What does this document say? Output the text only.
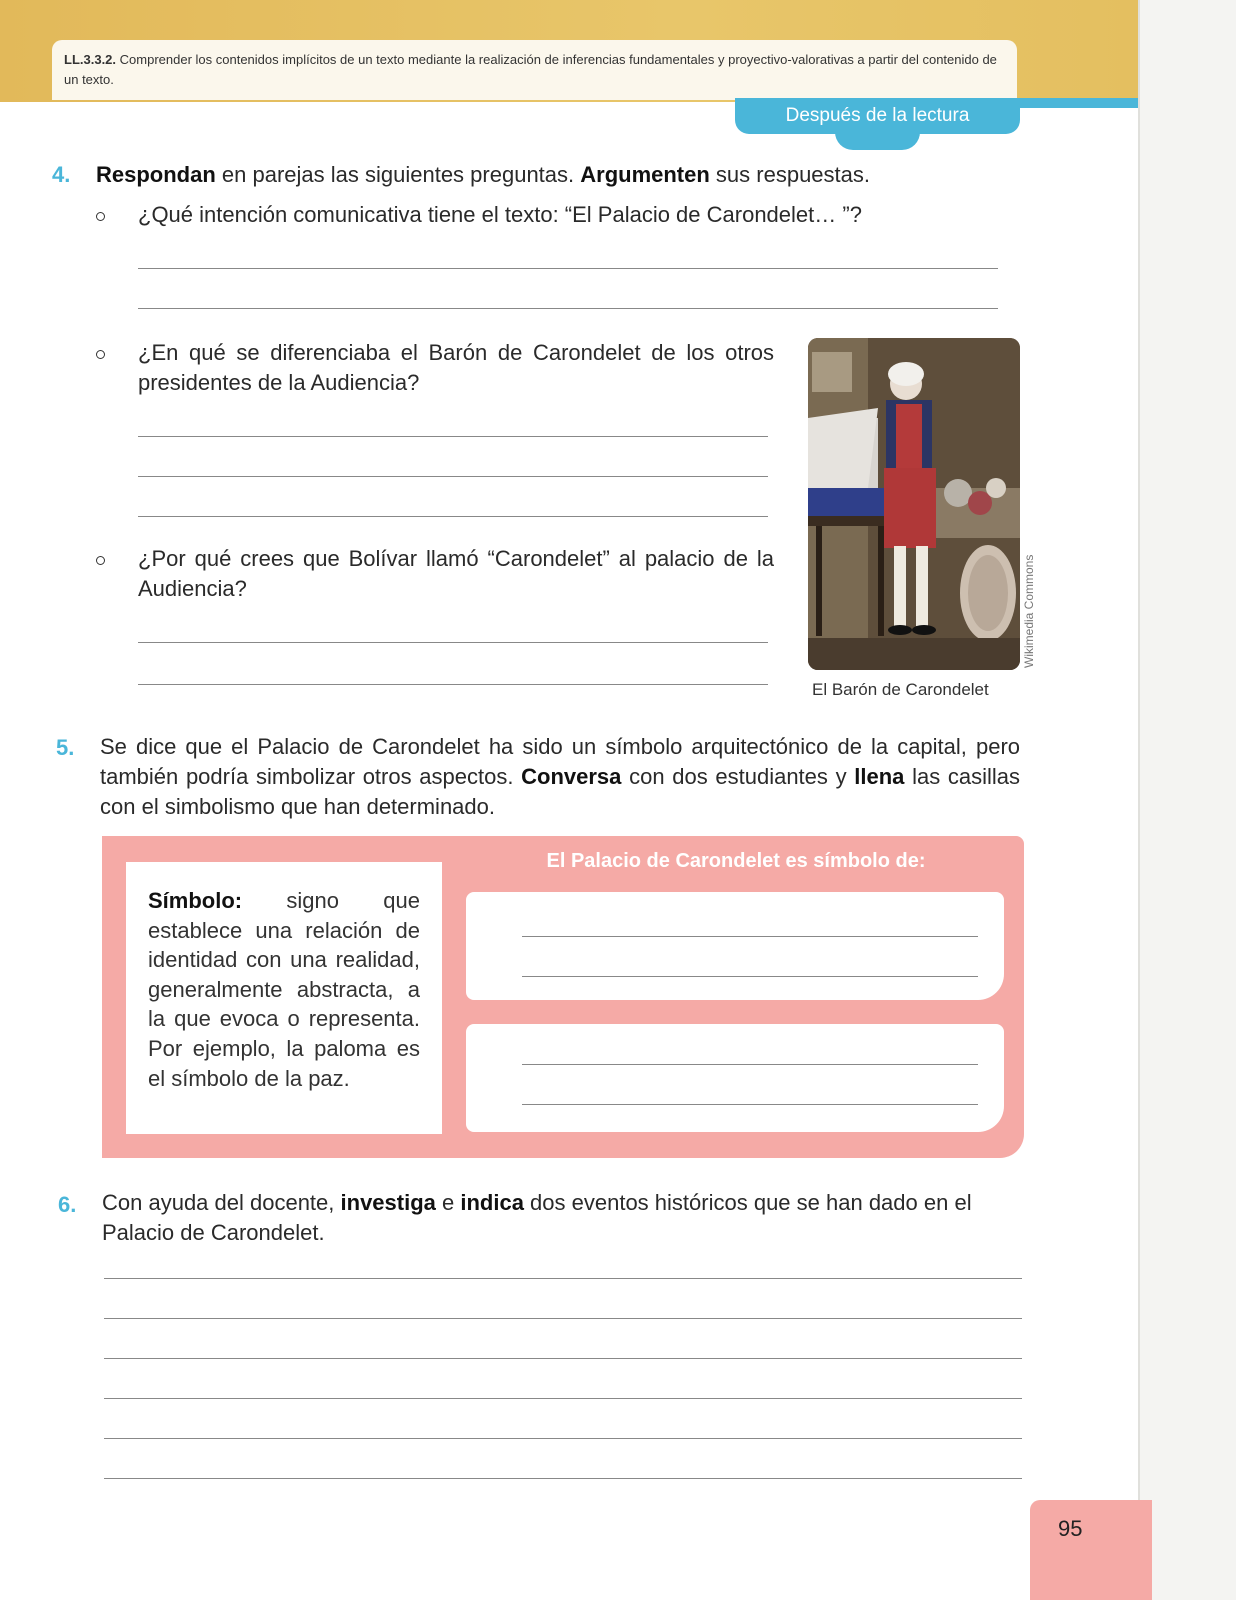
LL.3.3.2. Comprender los contenidos implícitos de un texto mediante la realización de inferencias fundamentales y proyectivo-valorativas a partir del contenido de un texto.
Después de la lectura
4. Respondan en parejas las siguientes preguntas. Argumenten sus respuestas.
¿Qué intención comunicativa tiene el texto: “El Palacio de Carondelet… ”?
¿En qué se diferenciaba el Barón de Carondelet de los otros presidentes de la Audiencia?
¿Por qué crees que Bolívar llamó “Carondelet” al palacio de la Audiencia?
El Barón de Carondelet
Wikimedia Commons
5. Se dice que el Palacio de Carondelet ha sido un símbolo arquitectónico de la capital, pero también podría simbolizar otros aspectos. Conversa con dos estudiantes y llena las casillas con el simbolismo que han determinado.
Símbolo: signo que establece una relación de identidad con una realidad, generalmente abstracta, a la que evoca o representa. Por ejemplo, la paloma es el símbolo de la paz.
El Palacio de Carondelet es símbolo de:
6. Con ayuda del docente, investiga e indica dos eventos históricos que se han dado en el Palacio de Carondelet.
95
